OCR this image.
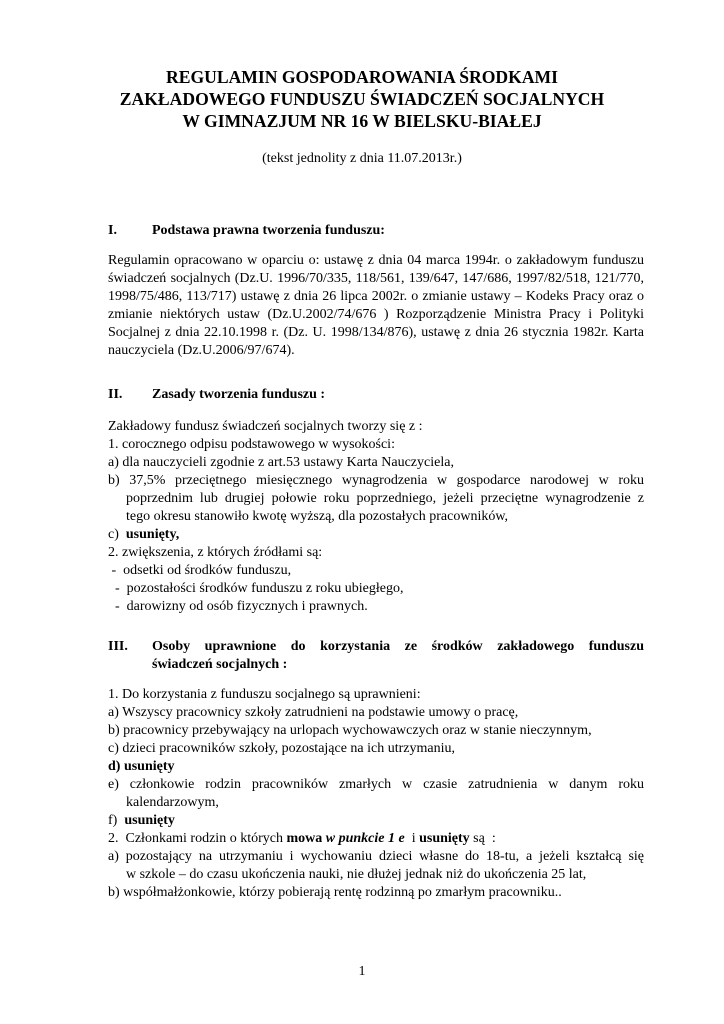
REGULAMIN GOSPODAROWANIA ŚRODKAMI
ZAKŁADOWEGO FUNDUSZU ŚWIADCZEŃ SOCJALNYCH
W GIMNAZJUM NR 16 W BIELSKU-BIAŁEJ
(tekst jednolity z dnia 11.07.2013r.)
I.	Podstawa prawna tworzenia funduszu:
Regulamin opracowano w oparciu o: ustawę z dnia 04 marca 1994r. o zakładowym funduszu świadczeń socjalnych (Dz.U. 1996/70/335, 118/561, 139/647, 147/686, 1997/82/518, 121/770, 1998/75/486, 113/717) ustawę z dnia 26 lipca 2002r. o zmianie ustawy – Kodeks Pracy oraz o zmianie niektórych ustaw (Dz.U.2002/74/676 ) Rozporządzenie Ministra Pracy i Polityki Socjalnej z dnia 22.10.1998 r. (Dz. U. 1998/134/876), ustawę z dnia 26 stycznia 1982r. Karta nauczyciela (Dz.U.2006/97/674).
II. Zasady tworzenia funduszu :
Zakładowy fundusz świadczeń socjalnych tworzy się z :
1. corocznego odpisu podstawowego w wysokości:
a) dla nauczycieli zgodnie z art.53 ustawy Karta Nauczyciela,
b) 37,5% przeciętnego miesięcznego wynagrodzenia w gospodarce narodowej w roku
poprzednim lub drugiej połowie roku poprzedniego, jeżeli przeciętne wynagrodzenie z
tego okresu stanowiło kwotę wyższą, dla pozostałych pracowników,
c)  usunięty,
2. zwiększenia, z których źródłami są:
-  odsetki od środków funduszu,
-  pozostałości środków funduszu z roku ubiegłego,
-  darowizny od osób fizycznych i prawnych.
III. Osoby uprawnione do korzystania ze środków zakładowego funduszu
świadczeń socjalnych :
1. Do korzystania z funduszu socjalnego są uprawnieni:
a) Wszyscy pracownicy szkoły zatrudnieni na podstawie umowy o pracę,
b) pracownicy przebywający na urlopach wychowawczych oraz w stanie nieczynnym,
c) dzieci pracowników szkoły, pozostające na ich utrzymaniu,
d) usunięty
e) członkowie rodzin pracowników zmarłych w czasie zatrudnienia w danym roku
kalendarzowym,
f)  usunięty
2.  Członkami rodzin o których mowa w punkcie 1 e  i usunięty są  :
a) pozostający na utrzymaniu i wychowaniu dzieci własne do 18-tu, a jeżeli kształcą się
w szkole – do czasu ukończenia nauki, nie dłużej jednak niż do ukończenia 25 lat,
b) współmałżonkowie, którzy pobierają rentę rodzinną po zmarłym pracowniku..
1
